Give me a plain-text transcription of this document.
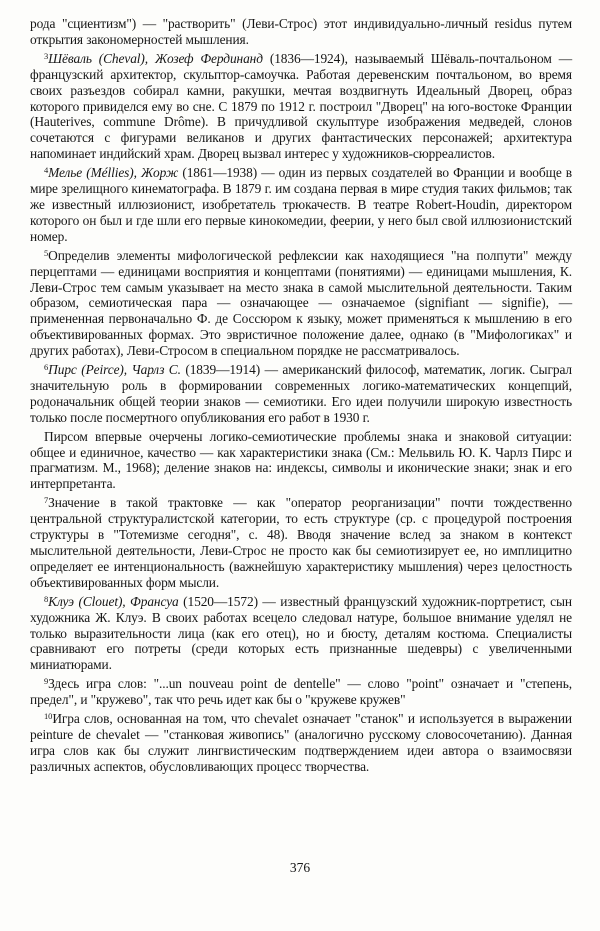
рода "сциентизм") — "растворить" (Леви-Строс) этот индивидуально-личный residus путем открытия закономерностей мышления.

$^3$Шёваль (Cheval), Жозеф Фердинанд (1836—1924), называемый Шёваль-почтальоном — французский архитектор, скульптор-самоучка. Работая деревенским почтальоном, во время своих разъездов собирал камни, ракушки, мечтая воздвигнуть Идеальный Дворец, образ которого привиделся ему во сне. С 1879 по 1912 г. построил "Дворец" на юго-востоке Франции (Hauterives, commune Drôme). В причудливой скульптуре изображения медведей, слонов сочетаются с фигурами великанов и других фантастических персонажей; архитектура напоминает индийский храм. Дворец вызвал интерес у художников-сюрреалистов.

$^4$Мелье (Méllies), Жорж (1861—1938) — один из первых создателей во Франции и вообще в мире зрелищного кинематографа. В 1879 г. им создана первая в мире студия таких фильмов; так же известный иллюзионист, изобретатель трюкачеств. В театре Robert-Houdin, директором которого он был и где шли его первые кинокомедии, феерии, у него был свой иллюзионистский номер.

$^5$Определив элементы мифологической рефлексии как находящиеся "на полпути" между перцептами — единицами восприятия и концептами (понятиями) — единицами мышления, К. Леви-Строс тем самым указывает на место знака в самой мыслительной деятельности. Таким образом, семиотическая пара — означающее — означаемое (signifiant — signifie), — примененная первоначально Ф. де Соссюром к языку, может применяться к мышлению в его объективированных формах. Это эвристичное положение далее, однако (в "Мифологиках" и других работах), Леви-Стросом в специальном порядке не рассматривалось.

$^6$Пирс (Peirce), Чарлз С. (1839—1914) — американский философ, математик, логик. Сыграл значительную роль в формировании современных логико-математических концепций, родоначальник общей теории знаков — семиотики. Его идеи получили широкую известность только после посмертного опубликования его работ в 1930 г.

Пирсом впервые очерчены логико-семиотические проблемы знака и знаковой ситуации: общее и единичное, качество — как характеристики знака (См.: Мельвиль Ю. К. Чарлз Пирс и прагматизм. М., 1968); деление знаков на: индексы, символы и иконические знаки; знак и его интерпретанта.

$^7$Значение в такой трактовке — как "оператор реорганизации" почти тождественно центральной структуралистской категории, то есть структуре (ср. с процедурой построения структуры в "Тотемизме сегодня", с. 48). Вводя значение вслед за знаком в контекст мыслительной деятельности, Леви-Строс не просто как бы семиотизирует ее, но имплицитно определяет ее интенциональность (важнейшую характеристику мышления) через целостность объективированных форм мысли.

$^8$Клуэ (Clouet), Франсуа (1520—1572) — известный французский художник-портретист, сын художника Ж. Клуэ. В своих работах всецело следовал натуре, большое внимание уделял не только выразительности лица (как его отец), но и бюсту, деталям костюма. Специалисты сравнивают его потреты (среди которых есть признанные шедевры) с увеличенными миниатюрами.

$^9$Здесь игра слов: "...un nouveau point de dentelle" — слово "point" означает и "степень, предел", и "кружево", так что речь идет как бы о "кружеве кружев"

$^{10}$Игра слов, основанная на том, что chevalet означает "станок" и используется в выражении peinture de chevalet — "станковая живопись" (аналогично русскому словосочетанию). Данная игра слов как бы служит лингвистическим подтверждением идеи автора о взаимосвязи различных аспектов, обусловливающих процесс творчества.

376
